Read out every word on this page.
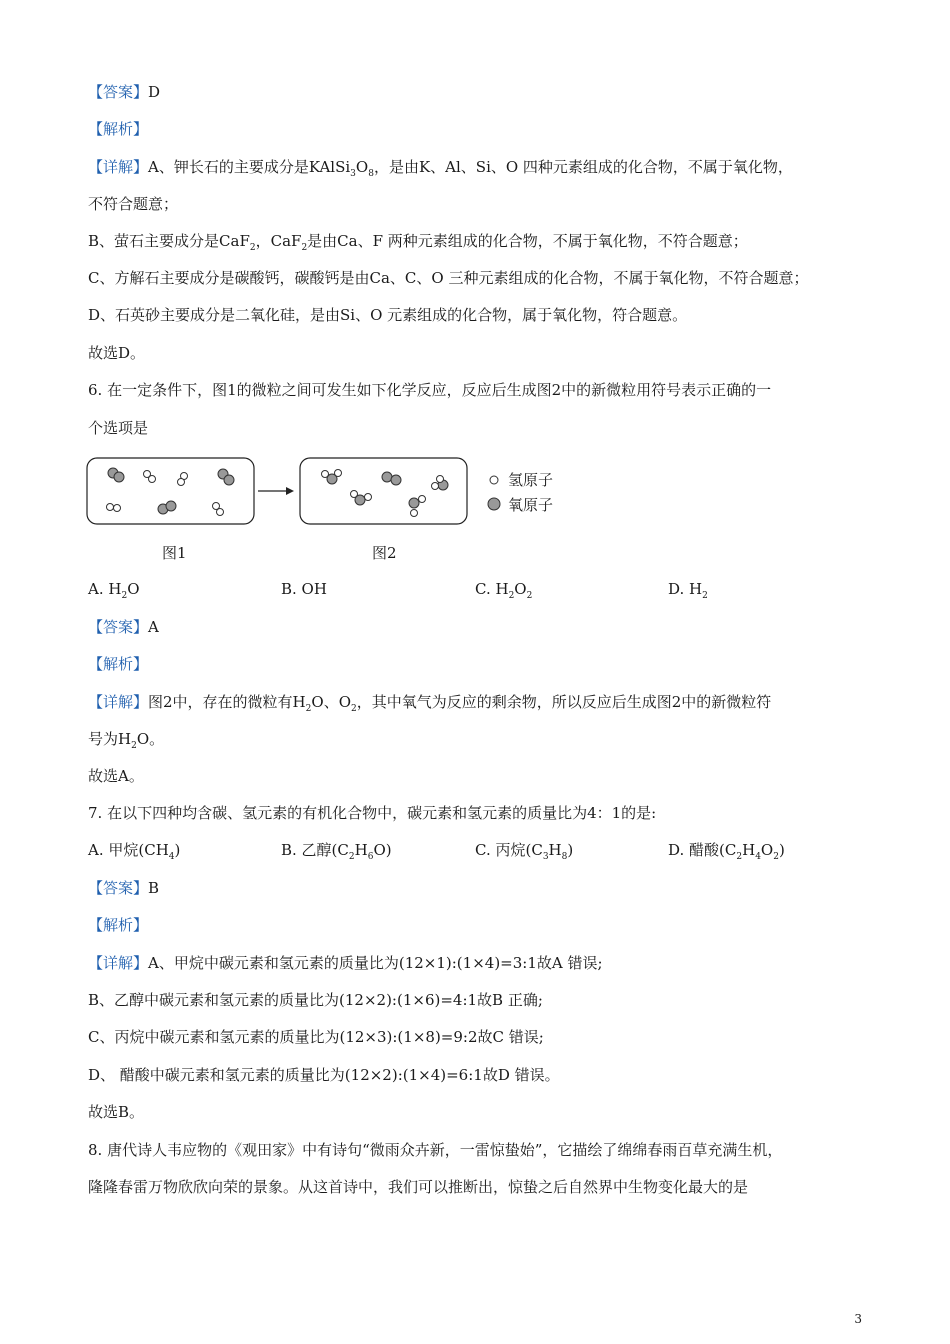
【答案】D
【解析】
【详解】A、钾长石的主要成分是$KAlSi_3O_8$，是由K、Al、Si、O 四种元素组成的化合物，不属于氧化物，
不符合题意；
B、萤石主要成分是CaF$_2$，CaF$_2$是由Ca、F 两种元素组成的化合物，不属于氧化物，不符合题意；
C、方解石主要成分是碳酸钙，碳酸钙是由Ca、C、O 三种元素组成的化合物，不属于氧化物，不符合题意；
D、石英砂主要成分是二氧化硅，是由Si、O 元素组成的化合物，属于氧化物，符合题意。
故选D。
6. 在一定条件下，图1的微粒之间可发生如下化学反应，反应后生成图2中的新微粒用符号表示正确的一
个选项是
氢原子
氧原子
图1	图2
A. $H_2O$	B. OH	C. $H_2O_2$	D. $H_2$
【答案】A
【解析】
【详解】图2中，存在的微粒有$H_2O$、$O_2$，其中氧气为反应的剩余物，所以反应后生成图2中的新微粒符
号为$H_2O$。
故选A。
7. 在以下四种均含碳、氢元素的有机化合物中，碳元素和氢元素的质量比为4：1的是:
A. 甲烷$(CH_4)$	B. 乙醇$(C_2H_6O)$	C. 丙烷$(C_3H_8)$	D. 醋酸$(C_2H_4O_2)$
【答案】B
【解析】
【详解】A、甲烷中碳元素和氢元素的质量比为(12×1):(1×4)=3:1故A 错误;
B、乙醇中碳元素和氢元素的质量比为(12×2):(1×6)=4:1故B 正确;
C、丙烷中碳元素和氢元素的质量比为(12×3):(1×8)=9:2故C 错误;
D、 醋酸中碳元素和氢元素的质量比为(12×2):(1×4)=6:1故D 错误。
故选B。
8. 唐代诗人韦应物的《观田家》中有诗句“微雨众卉新，一雷惊蛰始”，它描绘了绵绵春雨百草充满生机，
隆隆春雷万物欣欣向荣的景象。从这首诗中，我们可以推断出，惊蛰之后自然界中生物变化最大的是
3
